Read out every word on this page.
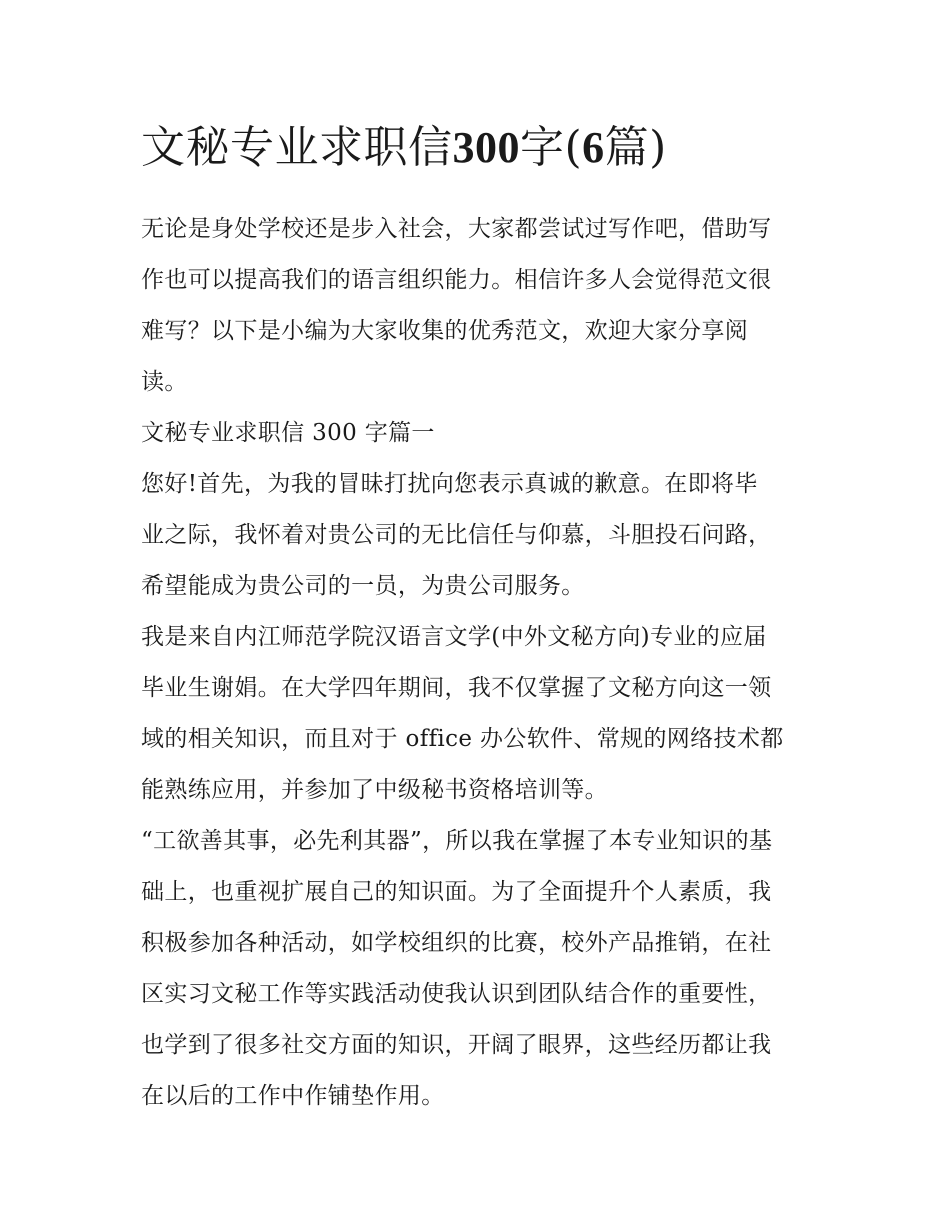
文秘专业求职信300字(6篇)
无论是身处学校还是步入社会，大家都尝试过写作吧，借助写
作也可以提高我们的语言组织能力。相信许多人会觉得范文很
难写？以下是小编为大家收集的优秀范文，欢迎大家分享阅
读。
文秘专业求职信 300 字篇一
您好!首先，为我的冒昧打扰向您表示真诚的歉意。在即将毕
业之际，我怀着对贵公司的无比信任与仰慕，斗胆投石问路，
希望能成为贵公司的一员，为贵公司服务。
我是来自内江师范学院汉语言文学(中外文秘方向)专业的应届
毕业生谢娟。在大学四年期间，我不仅掌握了文秘方向这一领
域的相关知识，而且对于 office 办公软件、常规的网络技术都
能熟练应用，并参加了中级秘书资格培训等。
“工欲善其事，必先利其器”，所以我在掌握了本专业知识的基
础上，也重视扩展自己的知识面。为了全面提升个人素质，我
积极参加各种活动，如学校组织的比赛，校外产品推销，在社
区实习文秘工作等实践活动使我认识到团队结合作的重要性，
也学到了很多社交方面的知识，开阔了眼界，这些经历都让我
在以后的工作中作铺垫作用。
